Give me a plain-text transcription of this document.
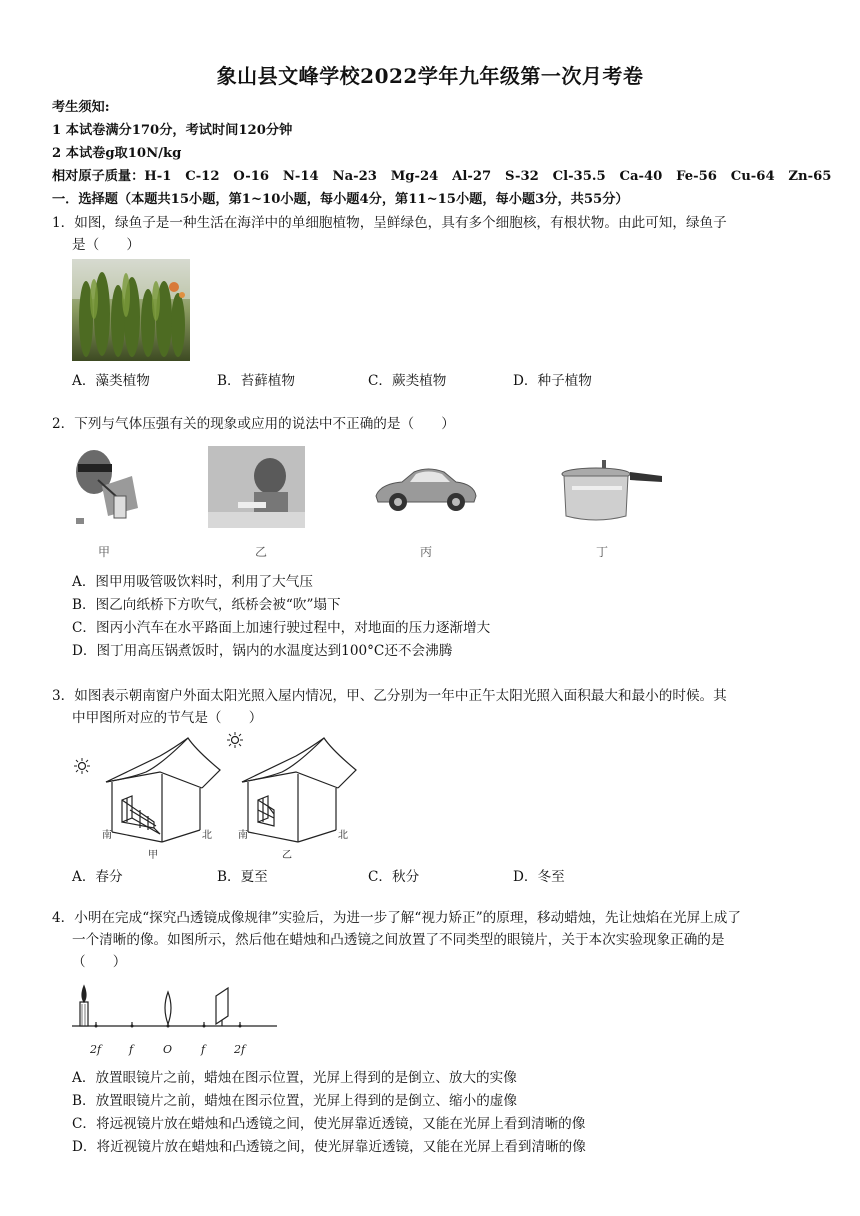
象山县文峰学校2022学年九年级第一次月考卷
考生须知:
1 本试卷满分170分，考试时间120分钟
2 本试卷g取10N/kg
相对原子质量：H-1   C-12   O-16   N-14   Na-23   Mg-24   Al-27   S-32   Cl-35.5   Ca-40   Fe-56   Cu-64   Zn-65
一．选择题（本题共15小题，第1~10小题，每小题4分，第11~15小题，每小题3分，共55分）
1．如图，绿鱼子是一种生活在海洋中的单细胞植物，呈鲜绿色，具有多个细胞核，有根状物。由此可知，绿鱼子
是（　　）
A．藻类植物	B．苔藓植物	C．蕨类植物	D．种子植物
2．下列与气体压强有关的现象或应用的说法中不正确的是（　　）
甲	乙	丙	丁
A．图甲用吸管吸饮料时，利用了大气压
B．图乙向纸桥下方吹气，纸桥会被“吹”塌下
C．图丙小汽车在水平路面上加速行驶过程中，对地面的压力逐渐增大
D．图丁用高压锅煮饭时，锅内的水温度达到100°C还不会沸腾
3．如图表示朝南窗户外面太阳光照入屋内情况，甲、乙分别为一年中正午太阳光照入面积最大和最小的时候。其
中甲图所对应的节气是（　　）
南	北	南	北
甲	乙
A．春分	B．夏至	C．秋分	D．冬至
4．小明在完成“探究凸透镜成像规律”实验后，为进一步了解“视力矫正”的原理，移动蜡烛，先让烛焰在光屏上成了
一个清晰的像。如图所示，然后他在蜡烛和凸透镜之间放置了不同类型的眼镜片，关于本次实验现象正确的是
（　　）
2f	f	O	f	2f
A．放置眼镜片之前，蜡烛在图示位置，光屏上得到的是倒立、放大的实像
B．放置眼镜片之前，蜡烛在图示位置，光屏上得到的是倒立、缩小的虚像
C．将远视镜片放在蜡烛和凸透镜之间，使光屏靠近透镜，又能在光屏上看到清晰的像
D．将近视镜片放在蜡烛和凸透镜之间，使光屏靠近透镜，又能在光屏上看到清晰的像
